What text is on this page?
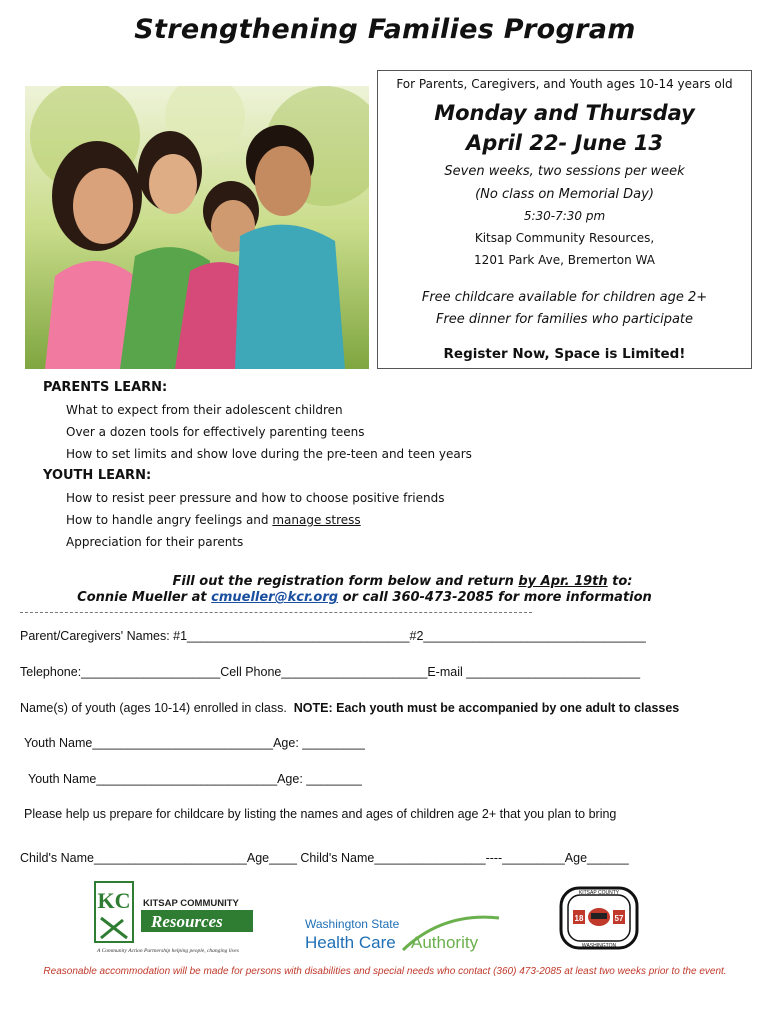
Strengthening Families Program
For Parents, Caregivers, and Youth ages 10-14 years old
Monday and Thursday
April 22- June 13
Seven weeks, two sessions per week
(No class on Memorial Day)
5:30-7:30 pm
Kitsap Community Resources,
1201 Park Ave, Bremerton WA
Free childcare available for children age 2+
Free dinner for families who participate
Register Now, Space is Limited!
PARENTS LEARN:
What to expect from their adolescent children
Over a dozen tools for effectively parenting teens
How to set limits and show love during the pre-teen and teen years
YOUTH LEARN:
How to resist peer pressure and how to choose positive friends
How to handle angry feelings and manage stress
Appreciation for their parents
Fill out the registration form below and return by Apr. 19th to:
Connie Mueller at cmueller@kcr.org or call 360-473-2085 for more information
Parent/Caregivers' Names: #1________________________________#2________________________________
Telephone:____________________Cell Phone_____________________E-mail _________________________
Name(s) of youth (ages 10-14) enrolled in class.  NOTE: Each youth must be accompanied by one adult to classes
Youth Name__________________________Age: _________
Youth Name__________________________Age: ________
Please help us prepare for childcare by listing the names and ages of children age 2+ that you plan to bring
Child's Name______________________Age____ Child's Name________________----_________Age______
KC KITSAP COMMUNITY
Resources
A Community Action Partnership helping people, changing lives
Washington State
Health Care Authority
KITSAP COUNTY
WASHINGTON
18	57
Reasonable accommodation will be made for persons with disabilities and special needs who contact (360) 473-2085 at least two weeks prior to the event.
